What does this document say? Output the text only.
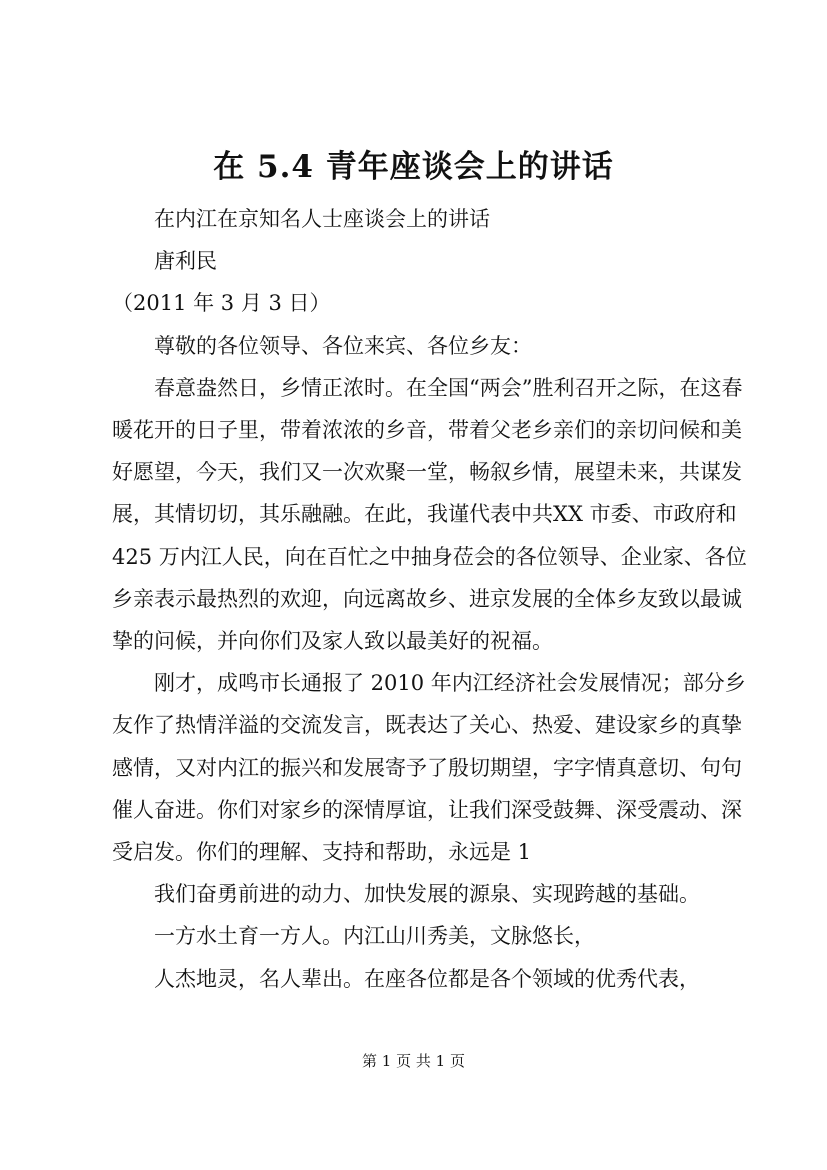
在 5.4 青年座谈会上的讲话

在内江在京知名人士座谈会上的讲话

唐利民

（2011 年 3 月 3 日）

尊敬的各位领导、各位来宾、各位乡友：

春意盎然日，乡情正浓时。在全国“两会”胜利召开之际，在这春暖花开的日子里，带着浓浓的乡音，带着父老乡亲们的亲切问候和美好愿望，今天，我们又一次欢聚一堂，畅叙乡情，展望未来，共谋发展，其情切切，其乐融融。在此，我谨代表中共XX 市委、市政府和 425 万内江人民，向在百忙之中抽身莅会的各位领导、企业家、各位乡亲表示最热烈的欢迎，向远离故乡、进京发展的全体乡友致以最诚挚的问候，并向你们及家人致以最美好的祝福。

刚才，成鸣市长通报了 2010 年内江经济社会发展情况；部分乡友作了热情洋溢的交流发言，既表达了关心、热爱、建设家乡的真挚感情，又对内江的振兴和发展寄予了殷切期望，字字情真意切、句句催人奋进。你们对家乡的深情厚谊，让我们深受鼓舞、深受震动、深受启发。你们的理解、支持和帮助，永远是 1

我们奋勇前进的动力、加快发展的源泉、实现跨越的基础。

一方水土育一方人。内江山川秀美，文脉悠长，

人杰地灵，名人辈出。在座各位都是各个领域的优秀代表，

第 1 页 共 1 页
